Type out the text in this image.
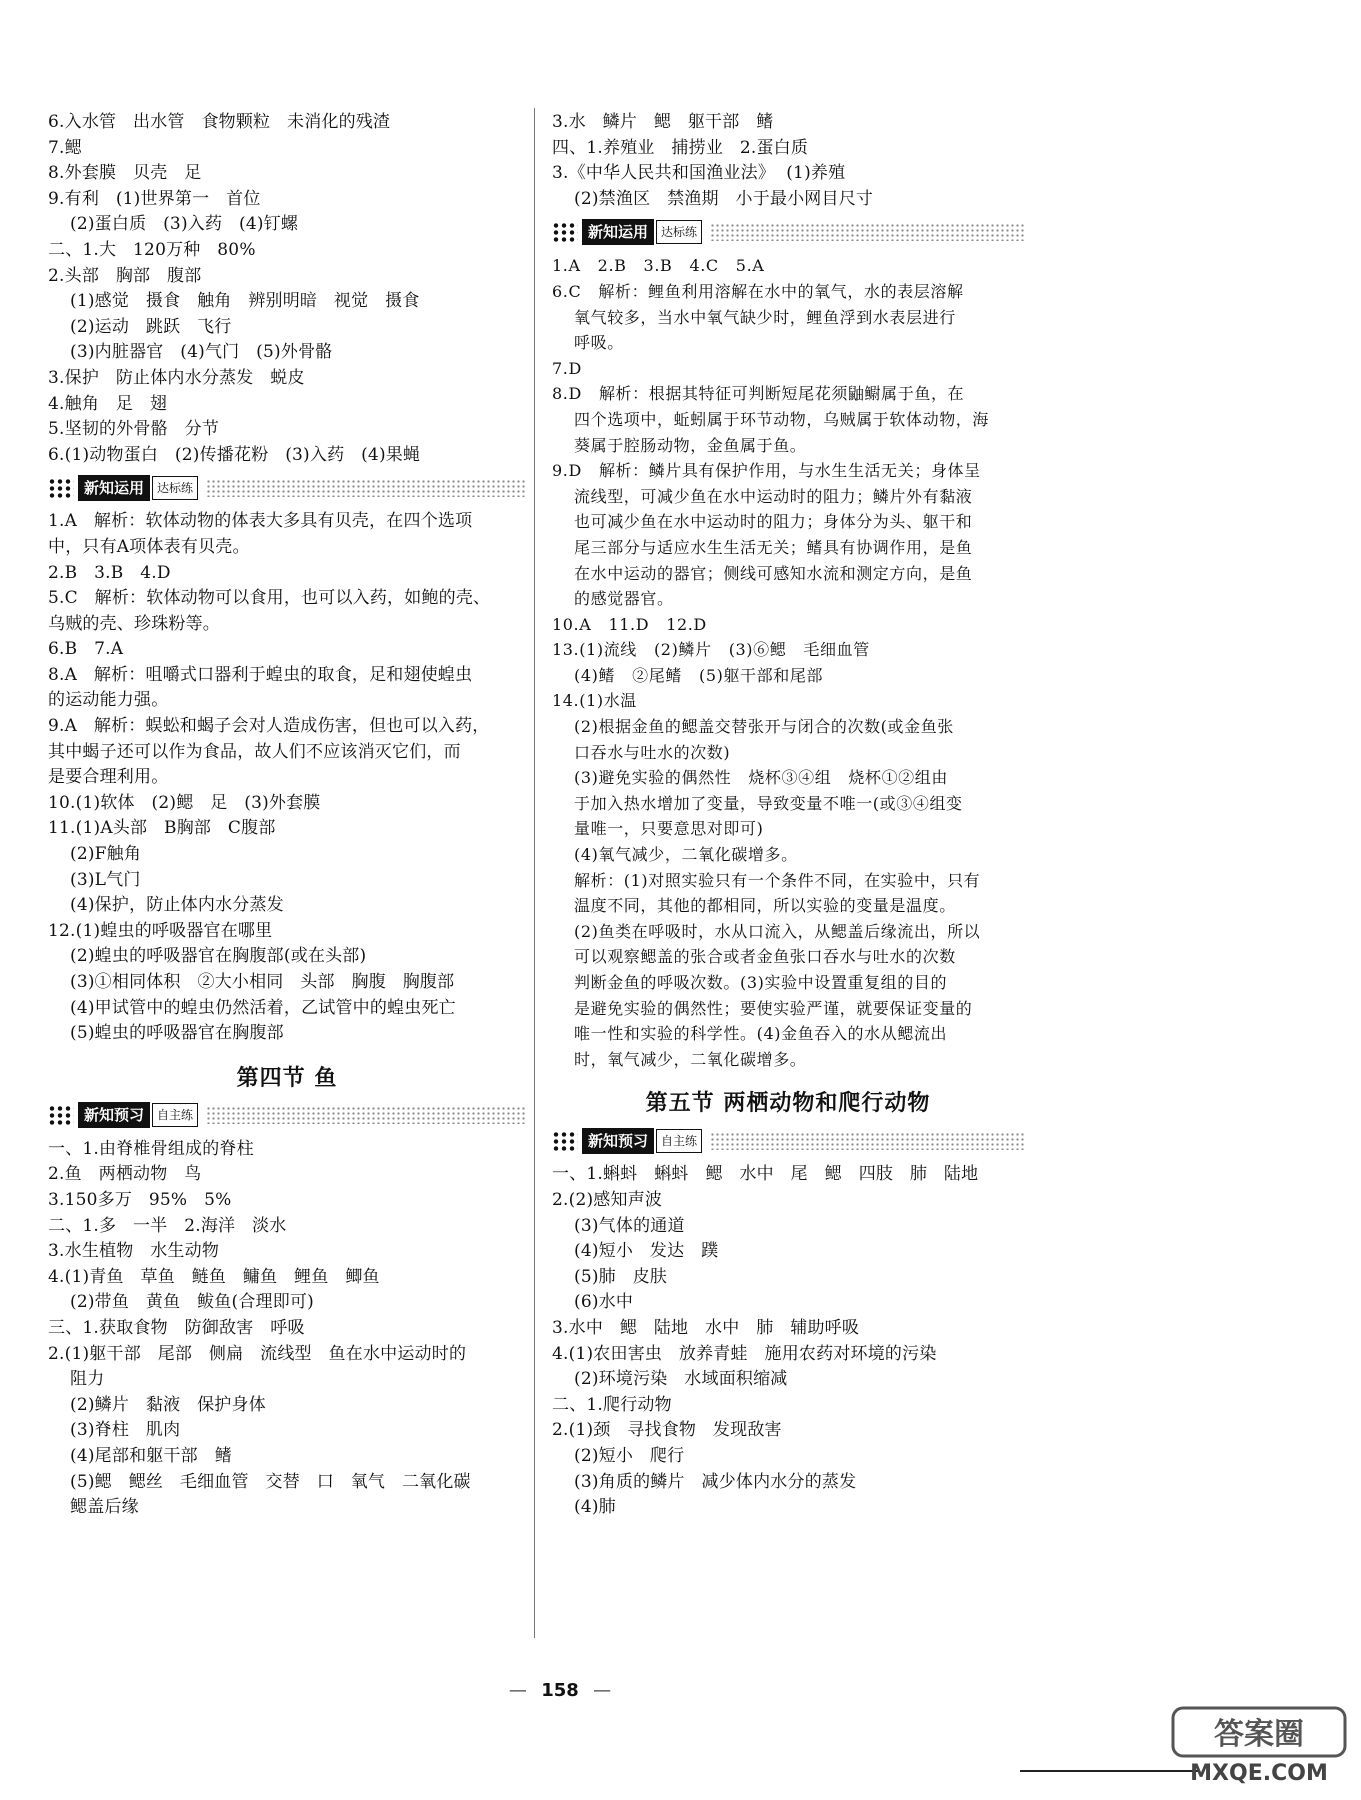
6.入水管   出水管   食物颗粒   未消化的残渣
7.鳃
8.外套膜   贝壳   足
9.有利   (1)世界第一   首位
(2)蛋白质   (3)入药   (4)钉螺
二、1.大   120万种   80%
2.头部   胸部   腹部
(1)感觉   摄食   触角   辨别明暗   视觉   摄食
(2)运动   跳跃   飞行
(3)内脏器官   (4)气门   (5)外骨骼
3.保护   防止体内水分蒸发   蜕皮
4.触角   足   翅
5.坚韧的外骨骼   分节
6.(1)动物蛋白   (2)传播花粉   (3)入药   (4)果蝇
新知运用	达标练
1.A   解析：软体动物的体表大多具有贝壳，在四个选项
中，只有A项体表有贝壳。
2.B   3.B   4.D
5.C   解析：软体动物可以食用，也可以入药，如鲍的壳、
乌贼的壳、珍珠粉等。
6.B   7.A
8.A   解析：咀嚼式口器利于蝗虫的取食，足和翅使蝗虫
的运动能力强。
9.A   解析：蜈蚣和蝎子会对人造成伤害，但也可以入药，
其中蝎子还可以作为食品，故人们不应该消灭它们，而
是要合理利用。
10.(1)软体   (2)鳃   足   (3)外套膜
11.(1)A头部   B胸部   C腹部
(2)F触角
(3)L气门
(4)保护，防止体内水分蒸发
12.(1)蝗虫的呼吸器官在哪里
(2)蝗虫的呼吸器官在胸腹部(或在头部)
(3)①相同体积   ②大小相同   头部   胸腹   胸腹部
(4)甲试管中的蝗虫仍然活着，乙试管中的蝗虫死亡
(5)蝗虫的呼吸器官在胸腹部
第四节 鱼
新知预习	自主练
一、1.由脊椎骨组成的脊柱
2.鱼   两栖动物   鸟
3.150多万   95%   5%
二、1.多   一半   2.海洋   淡水
3.水生植物   水生动物
4.(1)青鱼   草鱼   鲢鱼   鳙鱼   鲤鱼   鲫鱼
(2)带鱼   黄鱼   鲅鱼(合理即可)
三、1.获取食物   防御敌害   呼吸
2.(1)躯干部   尾部   侧扁   流线型   鱼在水中运动时的
阻力
(2)鳞片   黏液   保护身体
(3)脊柱   肌肉
(4)尾部和躯干部   鳍
(5)鳃   鳃丝   毛细血管   交替   口   氧气   二氧化碳
鳃盖后缘
3.水   鳞片   鳃   躯干部   鳍
四、1.养殖业   捕捞业   2.蛋白质
3.《中华人民共和国渔业法》  (1)养殖
(2)禁渔区   禁渔期   小于最小网目尺寸
新知运用	达标练
1.A   2.B   3.B   4.C   5.A
6.C   解析：鲤鱼利用溶解在水中的氧气，水的表层溶解
氧气较多，当水中氧气缺少时，鲤鱼浮到水表层进行
呼吸。
7.D
8.D   解析：根据其特征可判断短尾花须鼬鳚属于鱼，在
四个选项中，蚯蚓属于环节动物，乌贼属于软体动物，海
葵属于腔肠动物，金鱼属于鱼。
9.D   解析：鳞片具有保护作用，与水生生活无关；身体呈
流线型，可减少鱼在水中运动时的阻力；鳞片外有黏液
也可减少鱼在水中运动时的阻力；身体分为头、躯干和
尾三部分与适应水生生活无关；鳍具有协调作用，是鱼
在水中运动的器官；侧线可感知水流和测定方向，是鱼
的感觉器官。
10.A   11.D   12.D
13.(1)流线   (2)鳞片   (3)⑥鳃   毛细血管
(4)鳍   ②尾鳍   (5)躯干部和尾部
14.(1)水温
(2)根据金鱼的鳃盖交替张开与闭合的次数(或金鱼张
口吞水与吐水的次数)
(3)避免实验的偶然性   烧杯③④组   烧杯①②组由
于加入热水增加了变量，导致变量不唯一(或③④组变
量唯一，只要意思对即可)
(4)氧气减少，二氧化碳增多。
解析：(1)对照实验只有一个条件不同，在实验中，只有
温度不同，其他的都相同，所以实验的变量是温度。
(2)鱼类在呼吸时，水从口流入，从鳃盖后缘流出，所以
可以观察鳃盖的张合或者金鱼张口吞水与吐水的次数
判断金鱼的呼吸次数。(3)实验中设置重复组的目的
是避免实验的偶然性；要使实验严谨，就要保证变量的
唯一性和实验的科学性。(4)金鱼吞入的水从鳃流出
时，氧气减少，二氧化碳增多。
第五节 两栖动物和爬行动物
新知预习	自主练
一、1.蝌蚪   蝌蚪   鳃   水中   尾   鳃   四肢   肺   陆地
2.(2)感知声波
(3)气体的通道
(4)短小   发达   蹼
(5)肺   皮肤
(6)水中
3.水中   鳃   陆地   水中   肺   辅助呼吸
4.(1)农田害虫   放养青蛙   施用农药对环境的污染
(2)环境污染   水域面积缩减
二、1.爬行动物
2.(1)颈   寻找食物   发现敌害
(2)短小   爬行
(3)角质的鳞片   减少体内水分的蒸发
(4)肺
— 158 —
答案圈
MXQE.COM
